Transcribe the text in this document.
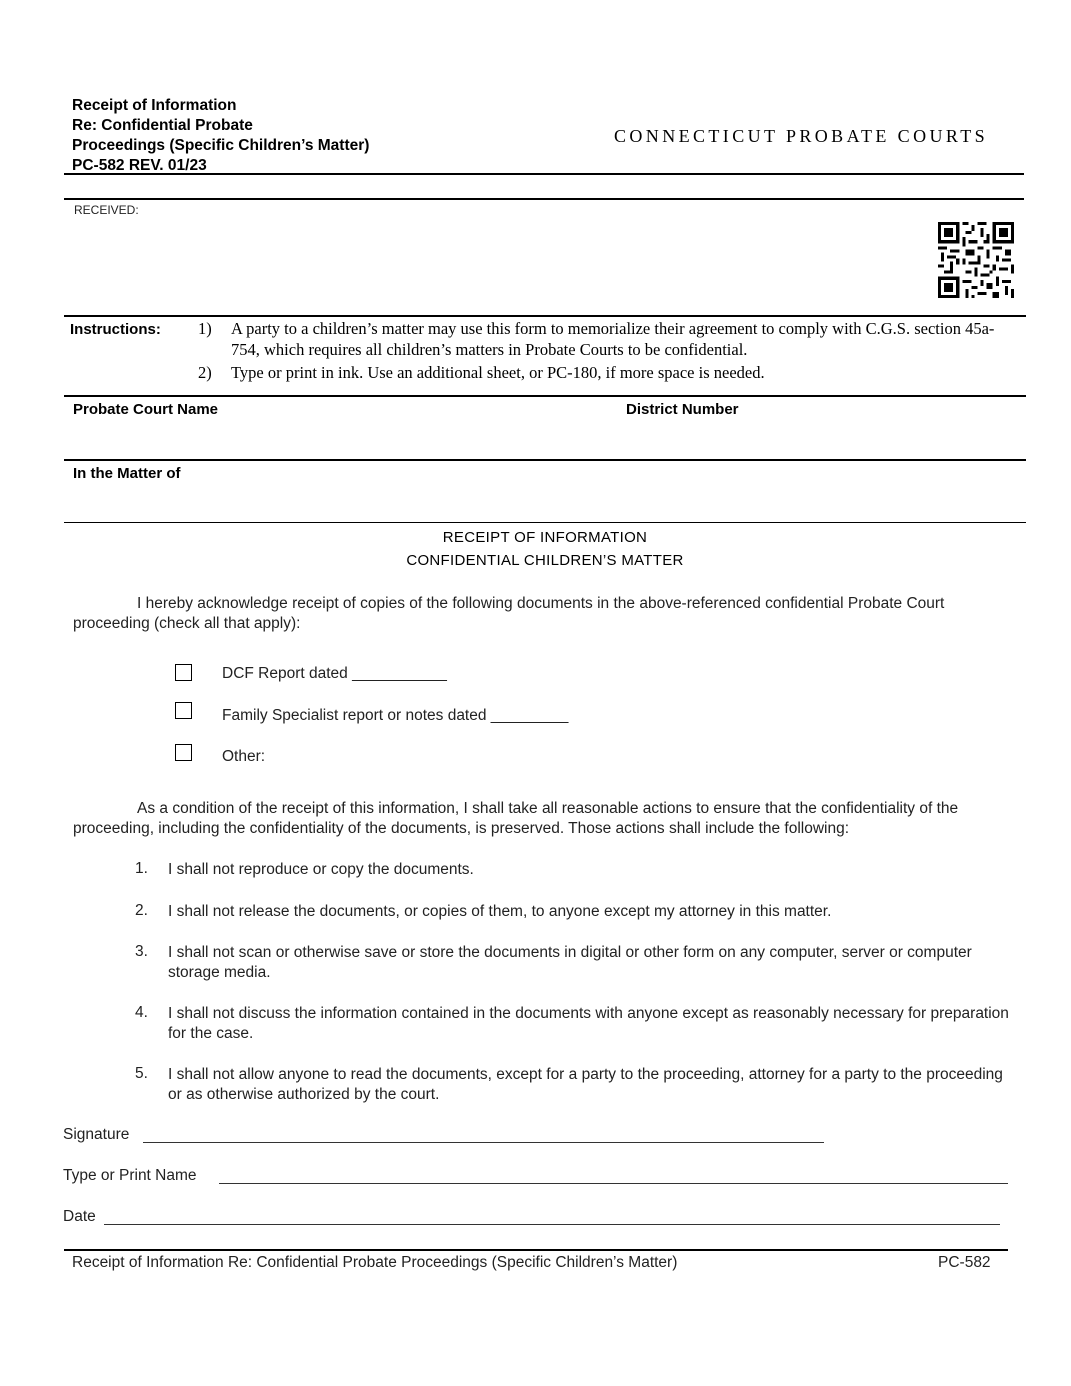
Receipt of Information
Re: Confidential Probate
Proceedings (Specific Children’s Matter)
PC-582 REV. 01/23
CONNECTICUT PROBATE COURTS
RECEIVED:
Instructions: 1) A party to a children’s matter may use this form to memorialize their agreement to comply with C.G.S. section 45a-754, which requires all children’s matters in Probate Courts to be confidential.
2) Type or print in ink. Use an additional sheet, or PC-180, if more space is needed.
Probate Court Name	District Number
In the Matter of
RECEIPT OF INFORMATION
CONFIDENTIAL CHILDREN’S MATTER
I hereby acknowledge receipt of copies of the following documents in the above-referenced confidential Probate Court proceeding (check all that apply):
DCF Report dated ___________
Family Specialist report or notes dated _________
Other:
As a condition of the receipt of this information, I shall take all reasonable actions to ensure that the confidentiality of the proceeding, including the confidentiality of the documents, is preserved. Those actions shall include the following:
1. I shall not reproduce or copy the documents.
2. I shall not release the documents, or copies of them, to anyone except my attorney in this matter.
3. I shall not scan or otherwise save or store the documents in digital or other form on any computer, server or computer storage media.
4. I shall not discuss the information contained in the documents with anyone except as reasonably necessary for preparation for the case.
5. I shall not allow anyone to read the documents, except for a party to the proceeding, attorney for a party to the proceeding or as otherwise authorized by the court.
Signature
Type or Print Name
Date
Receipt of Information Re: Confidential Probate Proceedings (Specific Children’s Matter)	PC-582
